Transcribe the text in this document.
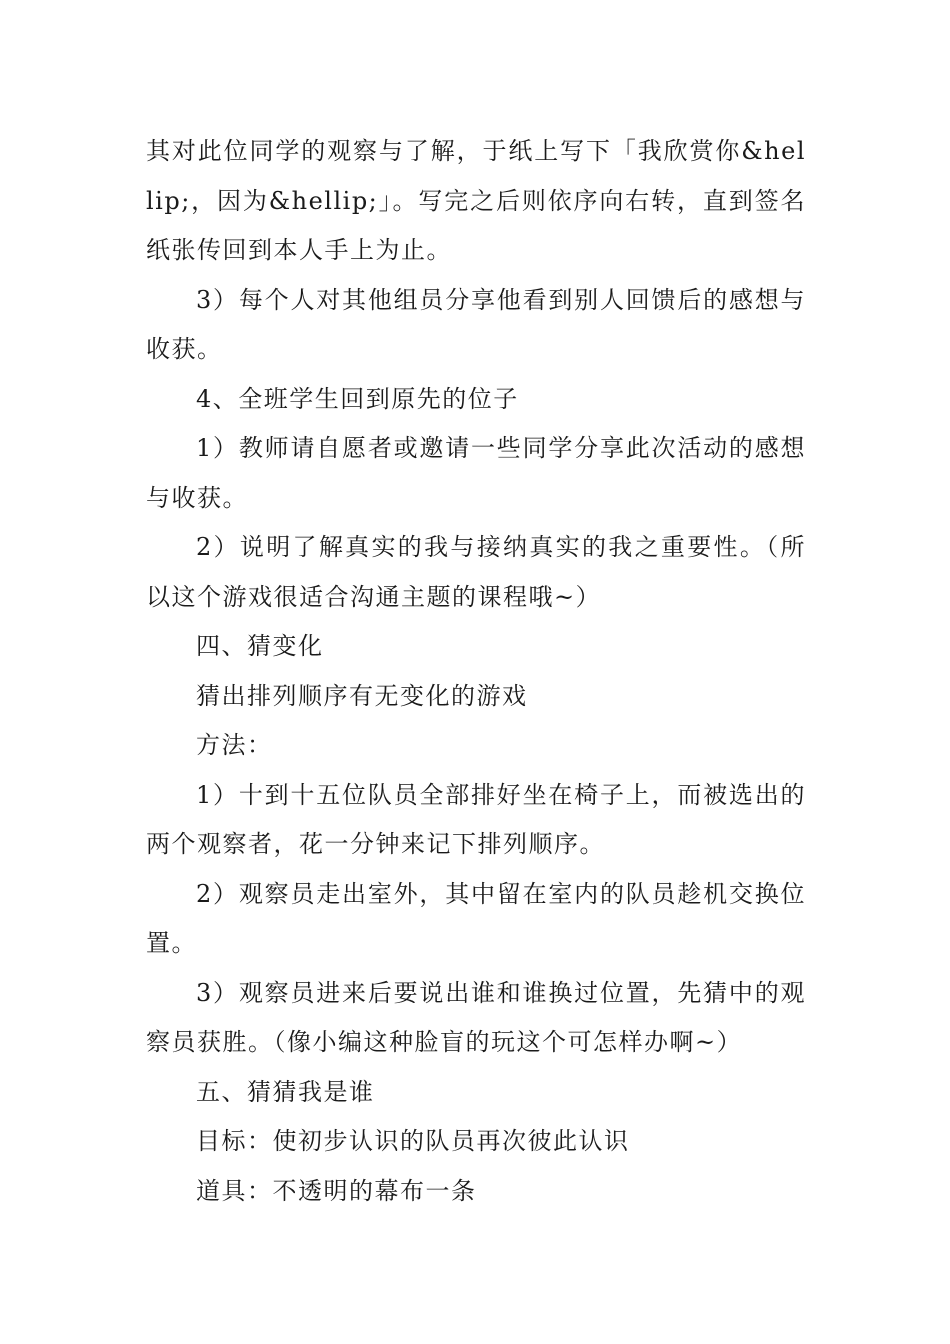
其对此位同学的观察与了解，于纸上写下「我欣赏你&hellip;，因为&hellip;」。写完之后则依序向右转，直到签名纸张传回到本人手上为止。

3）每个人对其他组员分享他看到别人回馈后的感想与收获。

4、全班学生回到原先的位子

1）教师请自愿者或邀请一些同学分享此次活动的感想与收获。

2）说明了解真实的我与接纳真实的我之重要性。（所以这个游戏很适合沟通主题的课程哦~）

四、猜变化

猜出排列顺序有无变化的游戏

方法：

1）十到十五位队员全部排好坐在椅子上，而被选出的两个观察者，花一分钟来记下排列顺序。

2）观察员走出室外，其中留在室内的队员趁机交换位置。

3）观察员进来后要说出谁和谁换过位置，先猜中的观察员获胜。（像小编这种脸盲的玩这个可怎样办啊~）

五、猜猜我是谁

目标：使初步认识的队员再次彼此认识

道具：不透明的幕布一条
